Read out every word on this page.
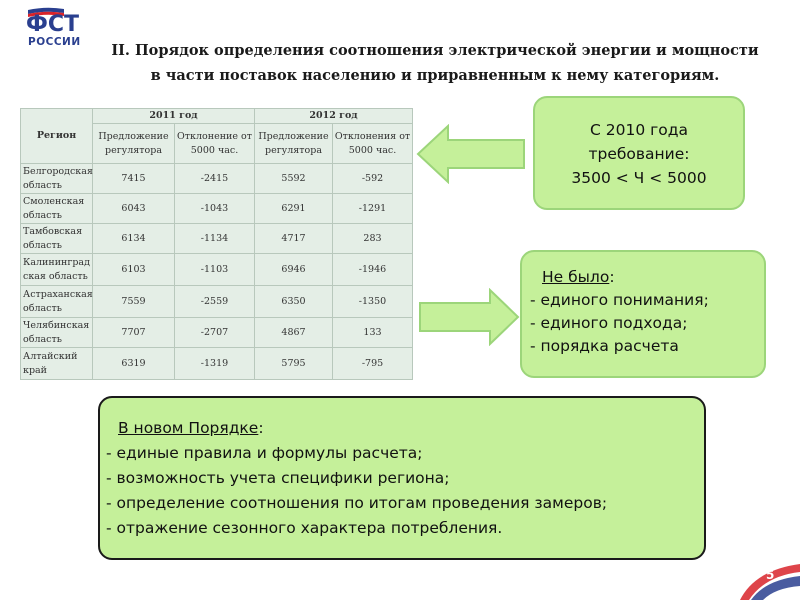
ФСТ
РОССИИ	II. Порядок определения соотношения электрической энергии и мощности
в части поставок населению и приравненным к нему категориям.
Регион	2011 год		2012 год	
	Предложение регулятора	Отклонение от 5000 час.	Предложение регулятора	Отклонения от 5000 час.
Белгородская область	7415	-2415	5592	-592
Смоленская область	6043	-1043	6291	-1291
Тамбовская область	6134	-1134	4717	283
Калининградская область	6103	-1103	6946	-1946
Астраханская область	7559	-2559	6350	-1350
Челябинская область	7707	-2707	4867	133
Алтайский край	6319	-1319	5795	-795
С 2010 года
требование:
3500 < Ч < 5000
Не было:
- единого понимания;
- единого подхода;
- порядка расчета
В новом Порядке:
- единые правила и формулы расчета;
- возможность учета специфики региона;
- определение соотношения по итогам проведения замеров;
- отражение сезонного характера потребления.
5
